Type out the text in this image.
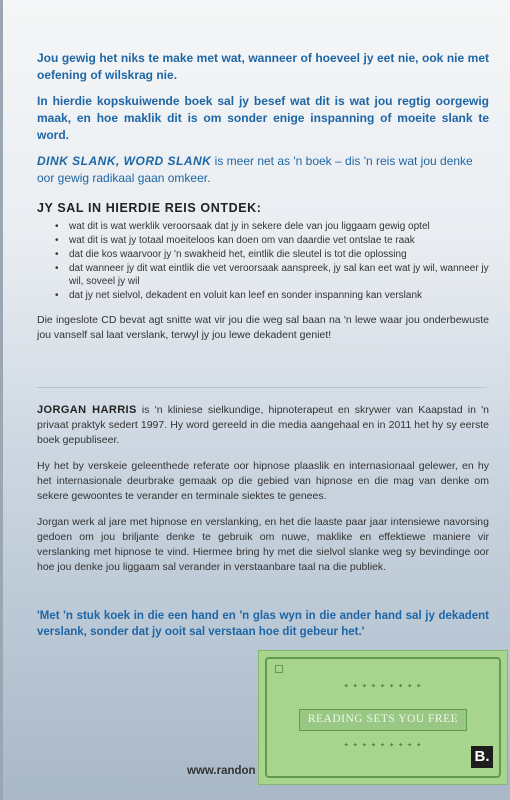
Jou gewig het niks te make met wat, wanneer of hoeveel jy eet nie, ook nie met oefening of wilskrag nie.

In hierdie kopskuiwende boek sal jy besef wat dit is wat jou regtig oorgewig maak, en hoe maklik dit is om sonder enige inspanning of moeite slank te word.

DINK SLANK, WORD SLANK is meer net as 'n boek – dis 'n reis wat jou denke oor gewig radikaal gaan omkeer.

JY SAL IN HIERDIE REIS ONTDEK:
• wat dit is wat werklik veroorsaak dat jy in sekere dele van jou liggaam gewig optel
• wat dit is wat jy totaal moeiteloos kan doen om van daardie vet ontslae te raak
• dat die kos waarvoor jy 'n swakheid het, eintlik die sleutel is tot die oplossing
• dat wanneer jy dit wat eintlik die vet veroorsaak aanspreek, jy sal kan eet wat jy wil, wanneer jy wil, soveel jy wil
• dat jy net sielvol, dekadent en voluit kan leef en sonder inspanning kan verslank

Die ingeslote CD bevat agt snitte wat vir jou die weg sal baan na 'n lewe waar jou onderbewuste jou vanself sal laat verslank, terwyl jy jou lewe dekadent geniet!

JORGAN HARRIS is 'n kliniese sielkundige, hipnoterapeut en skrywer van Kaapstad in 'n privaat praktyk sedert 1997. Hy word gereeld in die media aangehaal en in 2011 het hy sy eerste boek gepubliseer.

Hy het by verskeie geleenthede referate oor hipnose plaaslik en internasionaal gelewer, en hy het internasionale deurbrake gemaak op die gebied van hipnose en die mag van denke om sekere gewoontes te verander en terminale siektes te genees.

Jorgan werk al jare met hipnose en verslanking, en het die laaste paar jaar intensiewe navorsing gedoen om jou briljante denke te gebruik om nuwe, maklike en effektiewe maniere vir verslanking met hipnose te vind. Hiermee bring hy met die sielvol slanke weg sy bevindinge oor hoe jou denke jou liggaam sal verander in verstaanbare taal na die publiek.

'Met 'n stuk koek in die een hand en 'n glas wyn in die ander hand sal jy dekadent verslank, sonder dat jy ooit sal verstaan hoe dit gebeur het.'

www.randon
✦ ✦ ✦ ✦ ✦ ✦ ✦ ✦ ✦
READING SETS YOU FREE
✦ ✦ ✦ ✦ ✦ ✦ ✦ ✦ ✦
B.
